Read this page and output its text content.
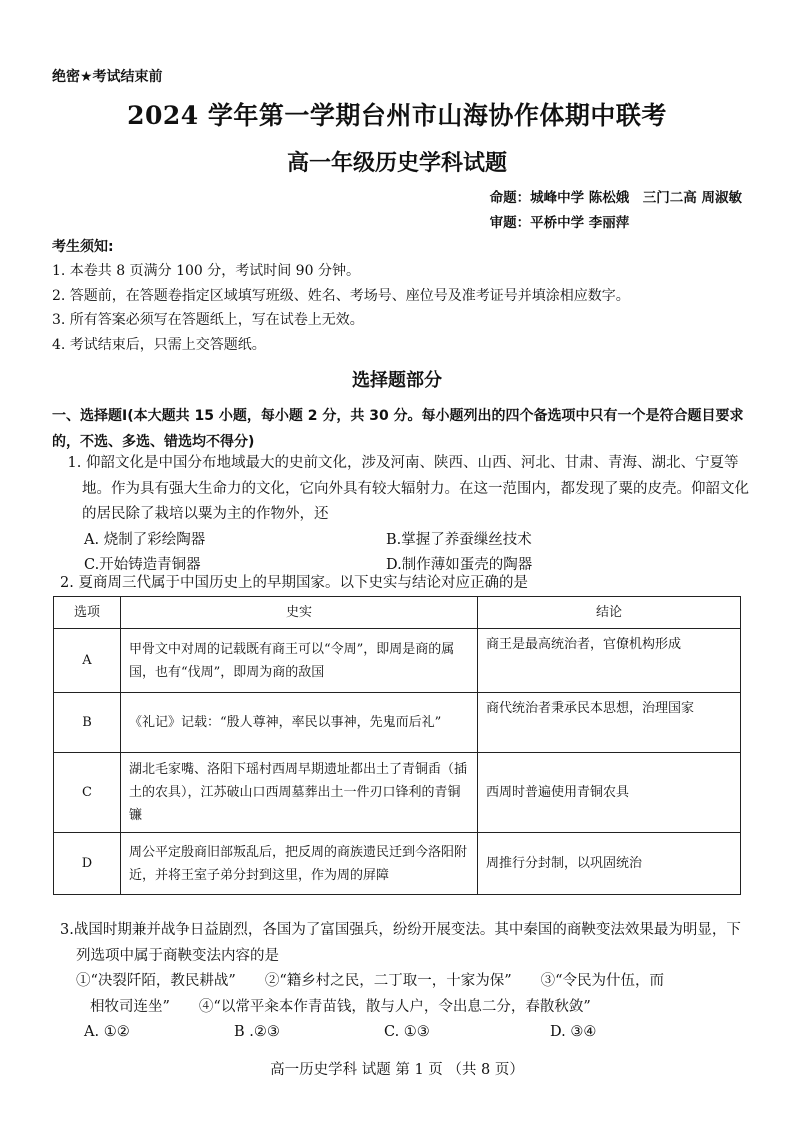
绝密★考试结束前
2024 学年第一学期台州市山海协作体期中联考
高一年级历史学科试题
命题：城峰中学 陈松娥　三门二高 周淑敏
审题：平桥中学 李丽萍
考生须知:
1. 本卷共 8 页满分 100 分，考试时间 90 分钟。
2. 答题前，在答题卷指定区域填写班级、姓名、考场号、座位号及准考证号并填涂相应数字。
3. 所有答案必须写在答题纸上，写在试卷上无效。
4. 考试结束后，只需上交答题纸。
选择题部分
一、选择题Ⅰ(本大题共 15 小题，每小题 2 分，共 30 分。每小题列出的四个备选项中只有一个是符合题目要求的，不选、多选、错选均不得分)
1. 仰韶文化是中国分布地域最大的史前文化，涉及河南、陕西、山西、河北、甘肃、青海、湖北、宁夏等地。作为具有强大生命力的文化，它向外具有较大辐射力。在这一范围内，都发现了粟的皮壳。仰韶文化的居民除了栽培以粟为主的作物外，还
A. 烧制了彩绘陶器	B.掌握了养蚕缫丝技术
C.开始铸造青铜器	D.制作薄如蛋壳的陶器
2. 夏商周三代属于中国历史上的早期国家。以下史实与结论对应正确的是
选项	史实	结论
A	甲骨文中对周的记载既有商王可以“令周”，即周是商的属国，也有“伐周”，即周为商的敌国	商王是最高统治者，官僚机构形成
B	《礼记》记载：“殷人尊神，率民以事神，先鬼而后礼”	商代统治者秉承民本思想，治理国家
C	湖北毛家嘴、洛阳下瑶村西周早期遗址都出土了青铜臿（插土的农具），江苏破山口西周墓葬出土一件刃口锋利的青铜镰	西周时普遍使用青铜农具
D	周公平定殷商旧部叛乱后，把反周的商族遗民迁到今洛阳附近，并将王室子弟分封到这里，作为周的屏障	周推行分封制，以巩固统治
3.战国时期兼并战争日益剧烈，各国为了富国强兵，纷纷开展变法。其中秦国的商鞅变法效果最为明显，下列选项中属于商鞅变法内容的是
①“决裂阡陌，教民耕战”　　②“籍乡村之民，二丁取一，十家为保”　　③“令民为什伍，而
相牧司连坐”　　④“以常平籴本作青苗钱，散与人户，令出息二分，春散秋敛”
A. ①②	B .②③	C. ①③	D. ③④
高一历史学科 试题 第 1 页 （共 8 页）
